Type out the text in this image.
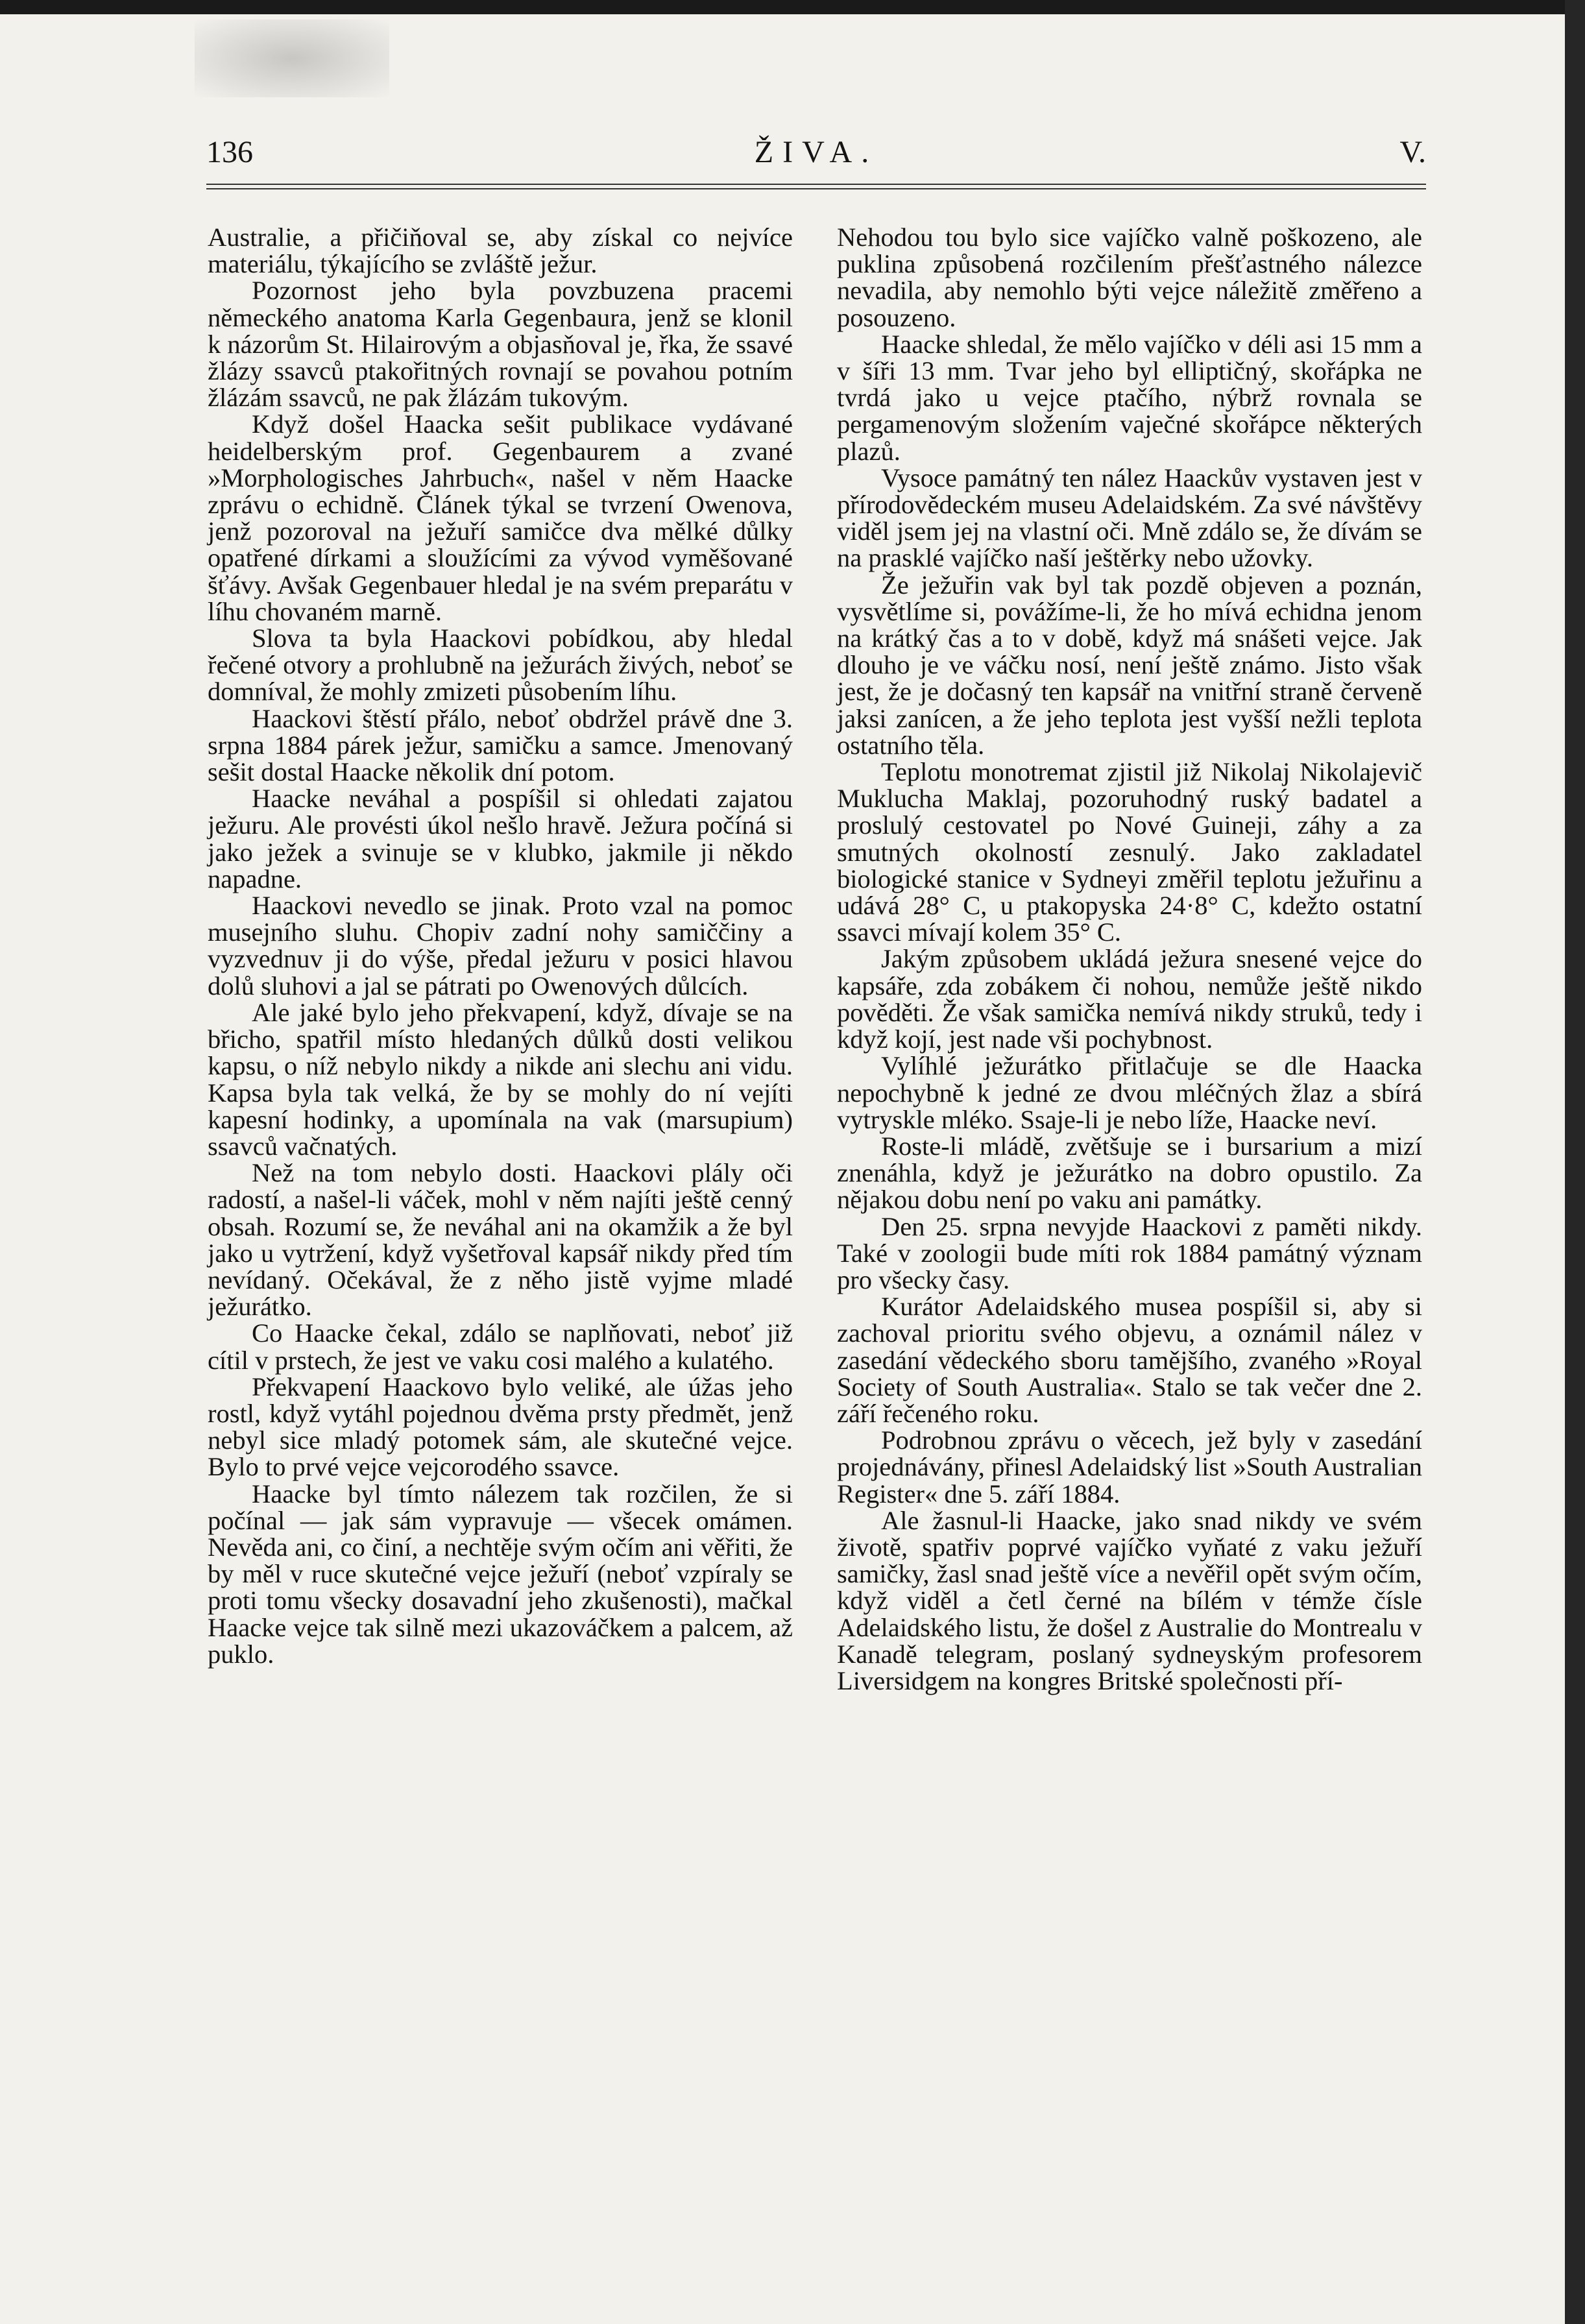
136	ŽIVA.	V.

Australie, a přičiňoval se, aby získal co nejvíce materiálu, týkajícího se zvláště ježur.

Pozornost jeho byla povzbuzena pracemi německého anatoma Karla Gegenbaura, jenž se klonil k názorům St. Hilairovým a objasňoval je, řka, že ssavé žlázy ssavců ptakořitných rovnají se povahou potním žlázám ssavců, ne pak žlázám tukovým.

Když došel Haacka sešit publikace vydávané heidelberským prof. Gegenbaurem a zvané »Morphologisches Jahrbuch«, našel v něm Haacke zprávu o echidně. Článek týkal se tvrzení Owenova, jenž pozoroval na ježuří samičce dva mělké důlky opatřené dírkami a sloužícími za vývod vyměšované šťávy. Avšak Gegenbauer hledal je na svém preparátu v líhu chovaném marně.

Slova ta byla Haackovi pobídkou, aby hledal řečené otvory a prohlubně na ježurách živých, neboť se domníval, že mohly zmizeti působením líhu.

Haackovi štěstí přálo, neboť obdržel právě dne 3. srpna 1884 párek ježur, samičku a samce. Jmenovaný sešit dostal Haacke několik dní potom.

Haacke neváhal a pospíšil si ohledati zajatou ježuru. Ale provésti úkol nešlo hravě. Ježura počíná si jako ježek a svinuje se v klubko, jakmile ji někdo napadne.

Haackovi nevedlo se jinak. Proto vzal na pomoc musejního sluhu. Chopiv zadní nohy samiččiny a vyzvednuv ji do výše, předal ježuru v posici hlavou dolů sluhovi a jal se pátrati po Owenových důlcích.

Ale jaké bylo jeho překvapení, když, dívaje se na břicho, spatřil místo hledaných důlků dosti velikou kapsu, o níž nebylo nikdy a nikde ani slechu ani vidu. Kapsa byla tak velká, že by se mohly do ní vejíti kapesní hodinky, a upomínala na vak (marsupium) ssavců vačnatých.

Než na tom nebylo dosti. Haackovi plály oči radostí, a našel-li váček, mohl v něm najíti ještě cenný obsah. Rozumí se, že neváhal ani na okamžik a že byl jako u vytržení, když vyšetřoval kapsář nikdy před tím nevídaný. Očekával, že z něho jistě vyjme mladé ježurátko.

Co Haacke čekal, zdálo se naplňovati, neboť již cítil v prstech, že jest ve vaku cosi malého a kulatého.

Překvapení Haackovo bylo veliké, ale úžas jeho rostl, když vytáhl pojednou dvěma prsty předmět, jenž nebyl sice mladý potomek sám, ale skutečné vejce. Bylo to prvé vejce vejcorodého ssavce.

Haacke byl tímto nálezem tak rozčilen, že si počínal — jak sám vypravuje — všecek omámen. Nevěda ani, co činí, a nechtěje svým očím ani věřiti, že by měl v ruce skutečné vejce ježuří (neboť vzpíraly se proti tomu všecky dosavadní jeho zkušenosti), mačkal Haacke vejce tak silně mezi ukazováčkem a palcem, až puklo.

Nehodou tou bylo sice vajíčko valně poškozeno, ale puklina způsobená rozčilením přešťastného nálezce nevadila, aby nemohlo býti vejce náležitě změřeno a posouzeno.

Haacke shledal, že mělo vajíčko v déli asi 15 mm a v šíři 13 mm. Tvar jeho byl elliptičný, skořápka ne tvrdá jako u vejce ptačího, nýbrž rovnala se pergamenovým složením vaječné skořápce některých plazů.

Vysoce památný ten nález Haackův vystaven jest v přírodovědeckém museu Adelaidském. Za své návštěvy viděl jsem jej na vlastní oči. Mně zdálo se, že dívám se na prasklé vajíčko naší ještěrky nebo užovky.

Že ježuřin vak byl tak pozdě objeven a poznán, vysvětlíme si, povážíme-li, že ho mívá echidna jenom na krátký čas a to v době, když má snášeti vejce. Jak dlouho je ve váčku nosí, není ještě známo. Jisto však jest, že je dočasný ten kapsář na vnitřní straně červeně jaksi zanícen, a že jeho teplota jest vyšší nežli teplota ostatního těla.

Teplotu monotremat zjistil již Nikolaj Nikolajevič Muklucha Maklaj, pozoruhodný ruský badatel a proslulý cestovatel po Nové Guineji, záhy a za smutných okolností zesnulý. Jako zakladatel biologické stanice v Sydneyi změřil teplotu ježuřinu a udává 28° C, u ptakopyska 24·8° C, kdežto ostatní ssavci mívají kolem 35° C.

Jakým způsobem ukládá ježura snesené vejce do kapsáře, zda zobákem či nohou, nemůže ještě nikdo pověděti. Že však samička nemívá nikdy struků, tedy i když kojí, jest nade vši pochybnost.

Vylíhlé ježurátko přitlačuje se dle Haacka nepochybně k jedné ze dvou mléčných žlaz a sbírá vytryskle mléko. Ssaje-li je nebo líže, Haacke neví.

Roste-li mládě, zvětšuje se i bursarium a mizí znenáhla, když je ježurátko na dobro opustilo. Za nějakou dobu není po vaku ani památky.

Den 25. srpna nevyjde Haackovi z paměti nikdy. Také v zoologii bude míti rok 1884 památný význam pro všecky časy.

Kurátor Adelaidského musea pospíšil si, aby si zachoval prioritu svého objevu, a oznámil nález v zasedání vědeckého sboru tamějšího, zvaného »Royal Society of South Australia«. Stalo se tak večer dne 2. září řečeného roku.

Podrobnou zprávu o věcech, jež byly v zasedání projednávány, přinesl Adelaidský list »South Australian Register« dne 5. září 1884.

Ale žasnul-li Haacke, jako snad nikdy ve svém životě, spatřiv poprvé vajíčko vyňaté z vaku ježuří samičky, žasl snad ještě více a nevěřil opět svým očím, když viděl a četl černé na bílém v témže čísle Adelaidského listu, že došel z Australie do Montrealu v Kanadě telegram, poslaný sydneyským profesorem Liversidgem na kongres Britské společnosti pří-
